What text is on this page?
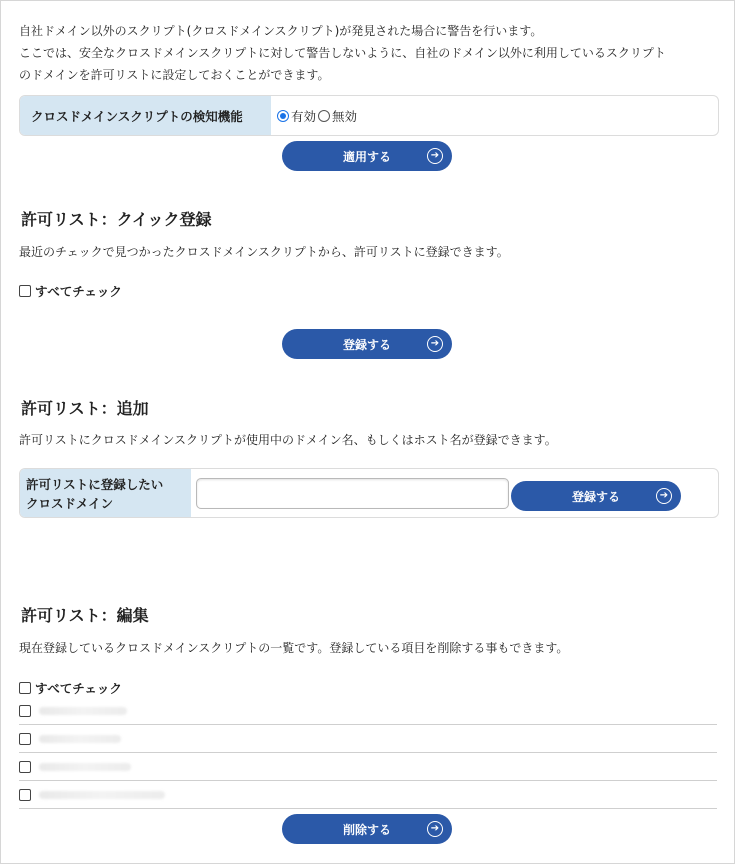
自社ドメイン以外のスクリプト(クロスドメインスクリプト)が発見された場合に警告を行います。

ここでは、安全なクロスドメインスクリプトに対して警告しないように、自社のドメイン以外に利用しているスクリプト

のドメインを許可リストに設定しておくことができます。

クロスドメインスクリプトの検知機能	有効 無効
適用する	➔
許可リスト：クイック登録

最近のチェックで見つかったクロスドメインスクリプトから、許可リストに登録できます。

すべてチェック
登録する	➔
許可リスト：追加

許可リストにクロスドメインスクリプトが使用中のドメイン名、もしくはホスト名が登録できます。

許可リストに登録したい
クロスドメイン	登録する	➔
許可リスト：編集

現在登録しているクロスドメインスクリプトの一覧です。登録している項目を削除する事もできます。

すべてチェック
削除する	➔
